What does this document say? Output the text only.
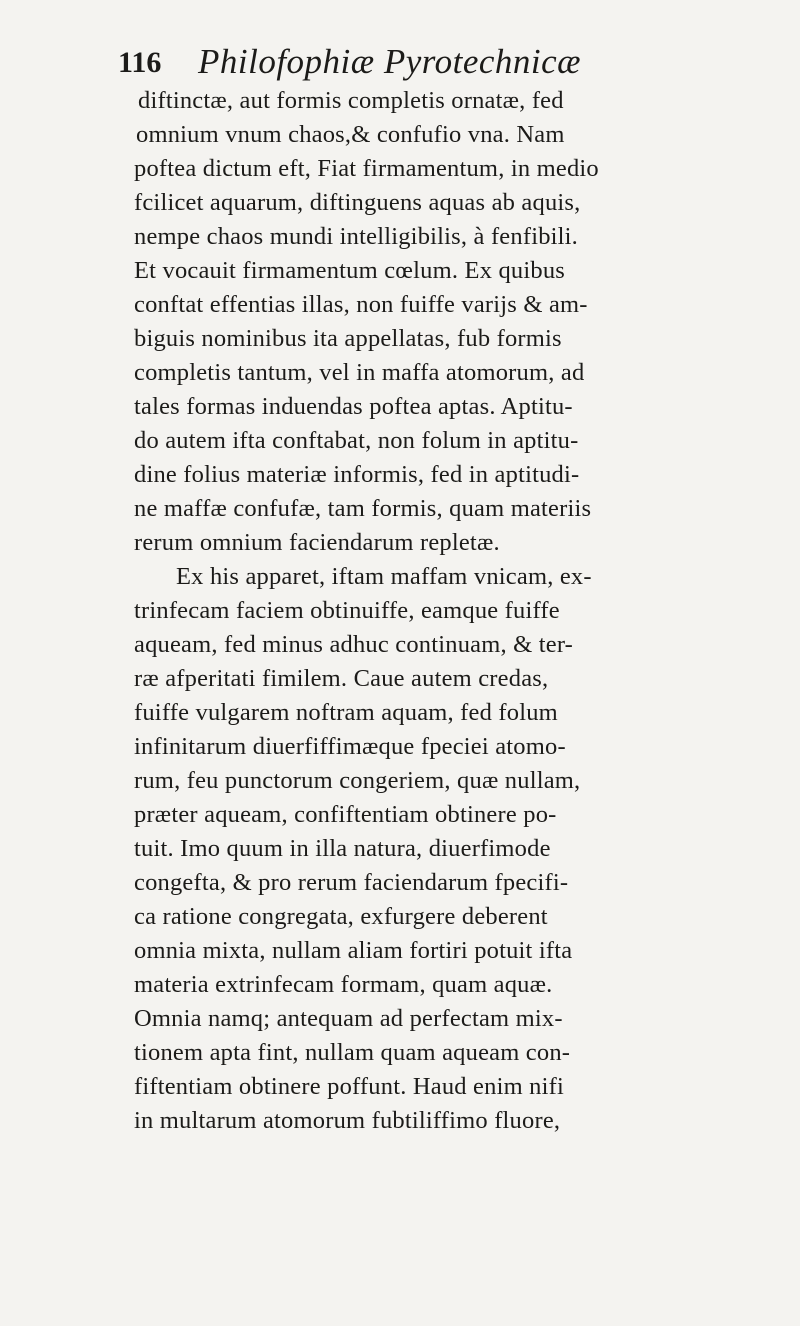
116 Philofophiæ Pyrotechnicæ
diftinctæ, aut formis completis ornatæ, fed
omnium vnum chaos,& confufio vna. Nam
poftea dictum eft, Fiat firmamentum, in medio
fcilicet aquarum, diftinguens aquas ab aquis,
nempe chaos mundi intelligibilis, à fenfibili.
Et vocauit firmamentum cœlum. Ex quibus
conftat effentias illas, non fuiffe varijs & am-
biguis nominibus ita appellatas, fub formis
completis tantum, vel in maffa atomorum, ad
tales formas induendas poftea aptas. Aptitu-
do autem ifta conftabat, non folum in aptitu-
dine folius materiæ informis, fed in aptitudi-
ne maffæ confufæ, tam formis, quam materiis
rerum omnium faciendarum repletæ.
Ex his apparet, iftam maffam vnicam, ex-
trinfecam faciem obtinuiffe, eamque fuiffe
aqueam, fed minus adhuc continuam, & ter-
ræ afperitati fimilem. Caue autem credas,
fuiffe vulgarem noftram aquam, fed folum
infinitarum diuerfiffimæque fpeciei atomo-
rum, feu punctorum congeriem, quæ nullam,
præter aqueam, confiftentiam obtinere po-
tuit. Imo quum in illa natura, diuerfimode
congefta, & pro rerum faciendarum fpecifi-
ca ratione congregata, exfurgere deberent
omnia mixta, nullam aliam fortiri potuit ifta
materia extrinfecam formam, quam aquæ.
Omnia namq; antequam ad perfectam mix-
tionem apta fint, nullam quam aqueam con-
fiftentiam obtinere poffunt. Haud enim nifi
in multarum atomorum fubtiliffimo fluore,
